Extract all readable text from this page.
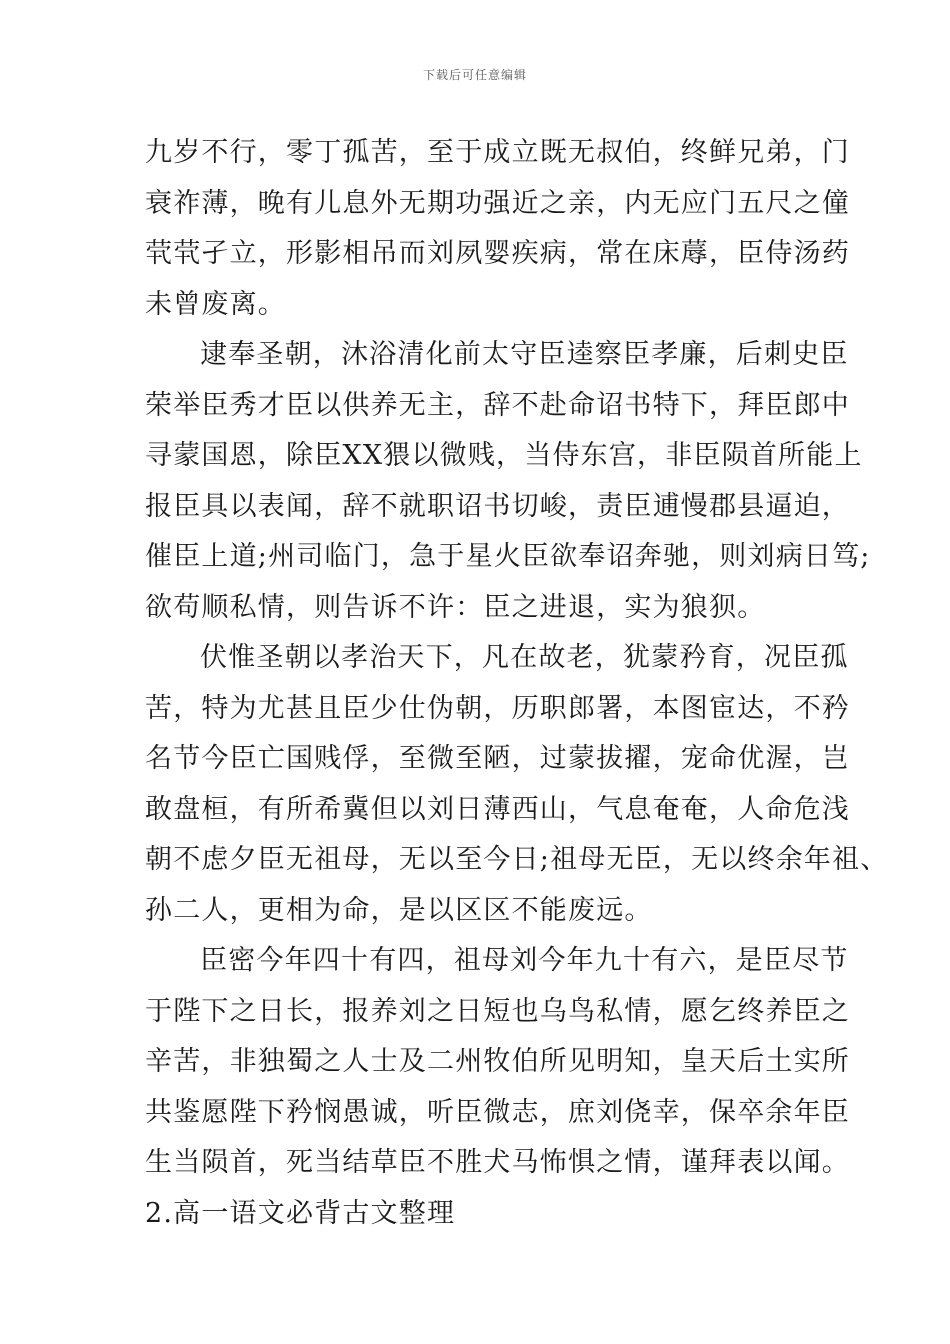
下载后可任意编辑
九岁不行，零丁孤苦，至于成立既无叔伯，终鲜兄弟，门
衰祚薄，晚有儿息外无期功强近之亲，内无应门五尺之僮
茕茕孑立，形影相吊而刘夙婴疾病，常在床蓐，臣侍汤药
未曾废离。
逮奉圣朝，沐浴清化前太守臣逵察臣孝廉，后刺史臣
荣举臣秀才臣以供养无主，辞不赴命诏书特下，拜臣郎中
寻蒙国恩，除臣XX猥以微贱，当侍东宫，非臣陨首所能上
报臣具以表闻，辞不就职诏书切峻，责臣逋慢郡县逼迫，
催臣上道;州司临门，急于星火臣欲奉诏奔驰，则刘病日笃;
欲苟顺私情，则告诉不许：臣之进退，实为狼狈。
伏惟圣朝以孝治天下，凡在故老，犹蒙矜育，况臣孤
苦，特为尤甚且臣少仕伪朝，历职郎署，本图宦达，不矜
名节今臣亡国贱俘，至微至陋，过蒙拔擢，宠命优渥，岂
敢盘桓，有所希冀但以刘日薄西山，气息奄奄，人命危浅
朝不虑夕臣无祖母，无以至今日;祖母无臣，无以终余年祖、
孙二人，更相为命，是以区区不能废远。
臣密今年四十有四，祖母刘今年九十有六，是臣尽节
于陛下之日长，报养刘之日短也乌鸟私情，愿乞终养臣之
辛苦，非独蜀之人士及二州牧伯所见明知，皇天后土实所
共鉴愿陛下矜悯愚诚，听臣微志，庶刘侥幸，保卒余年臣
生当陨首，死当结草臣不胜犬马怖惧之情，谨拜表以闻。
2.高一语文必背古文整理
